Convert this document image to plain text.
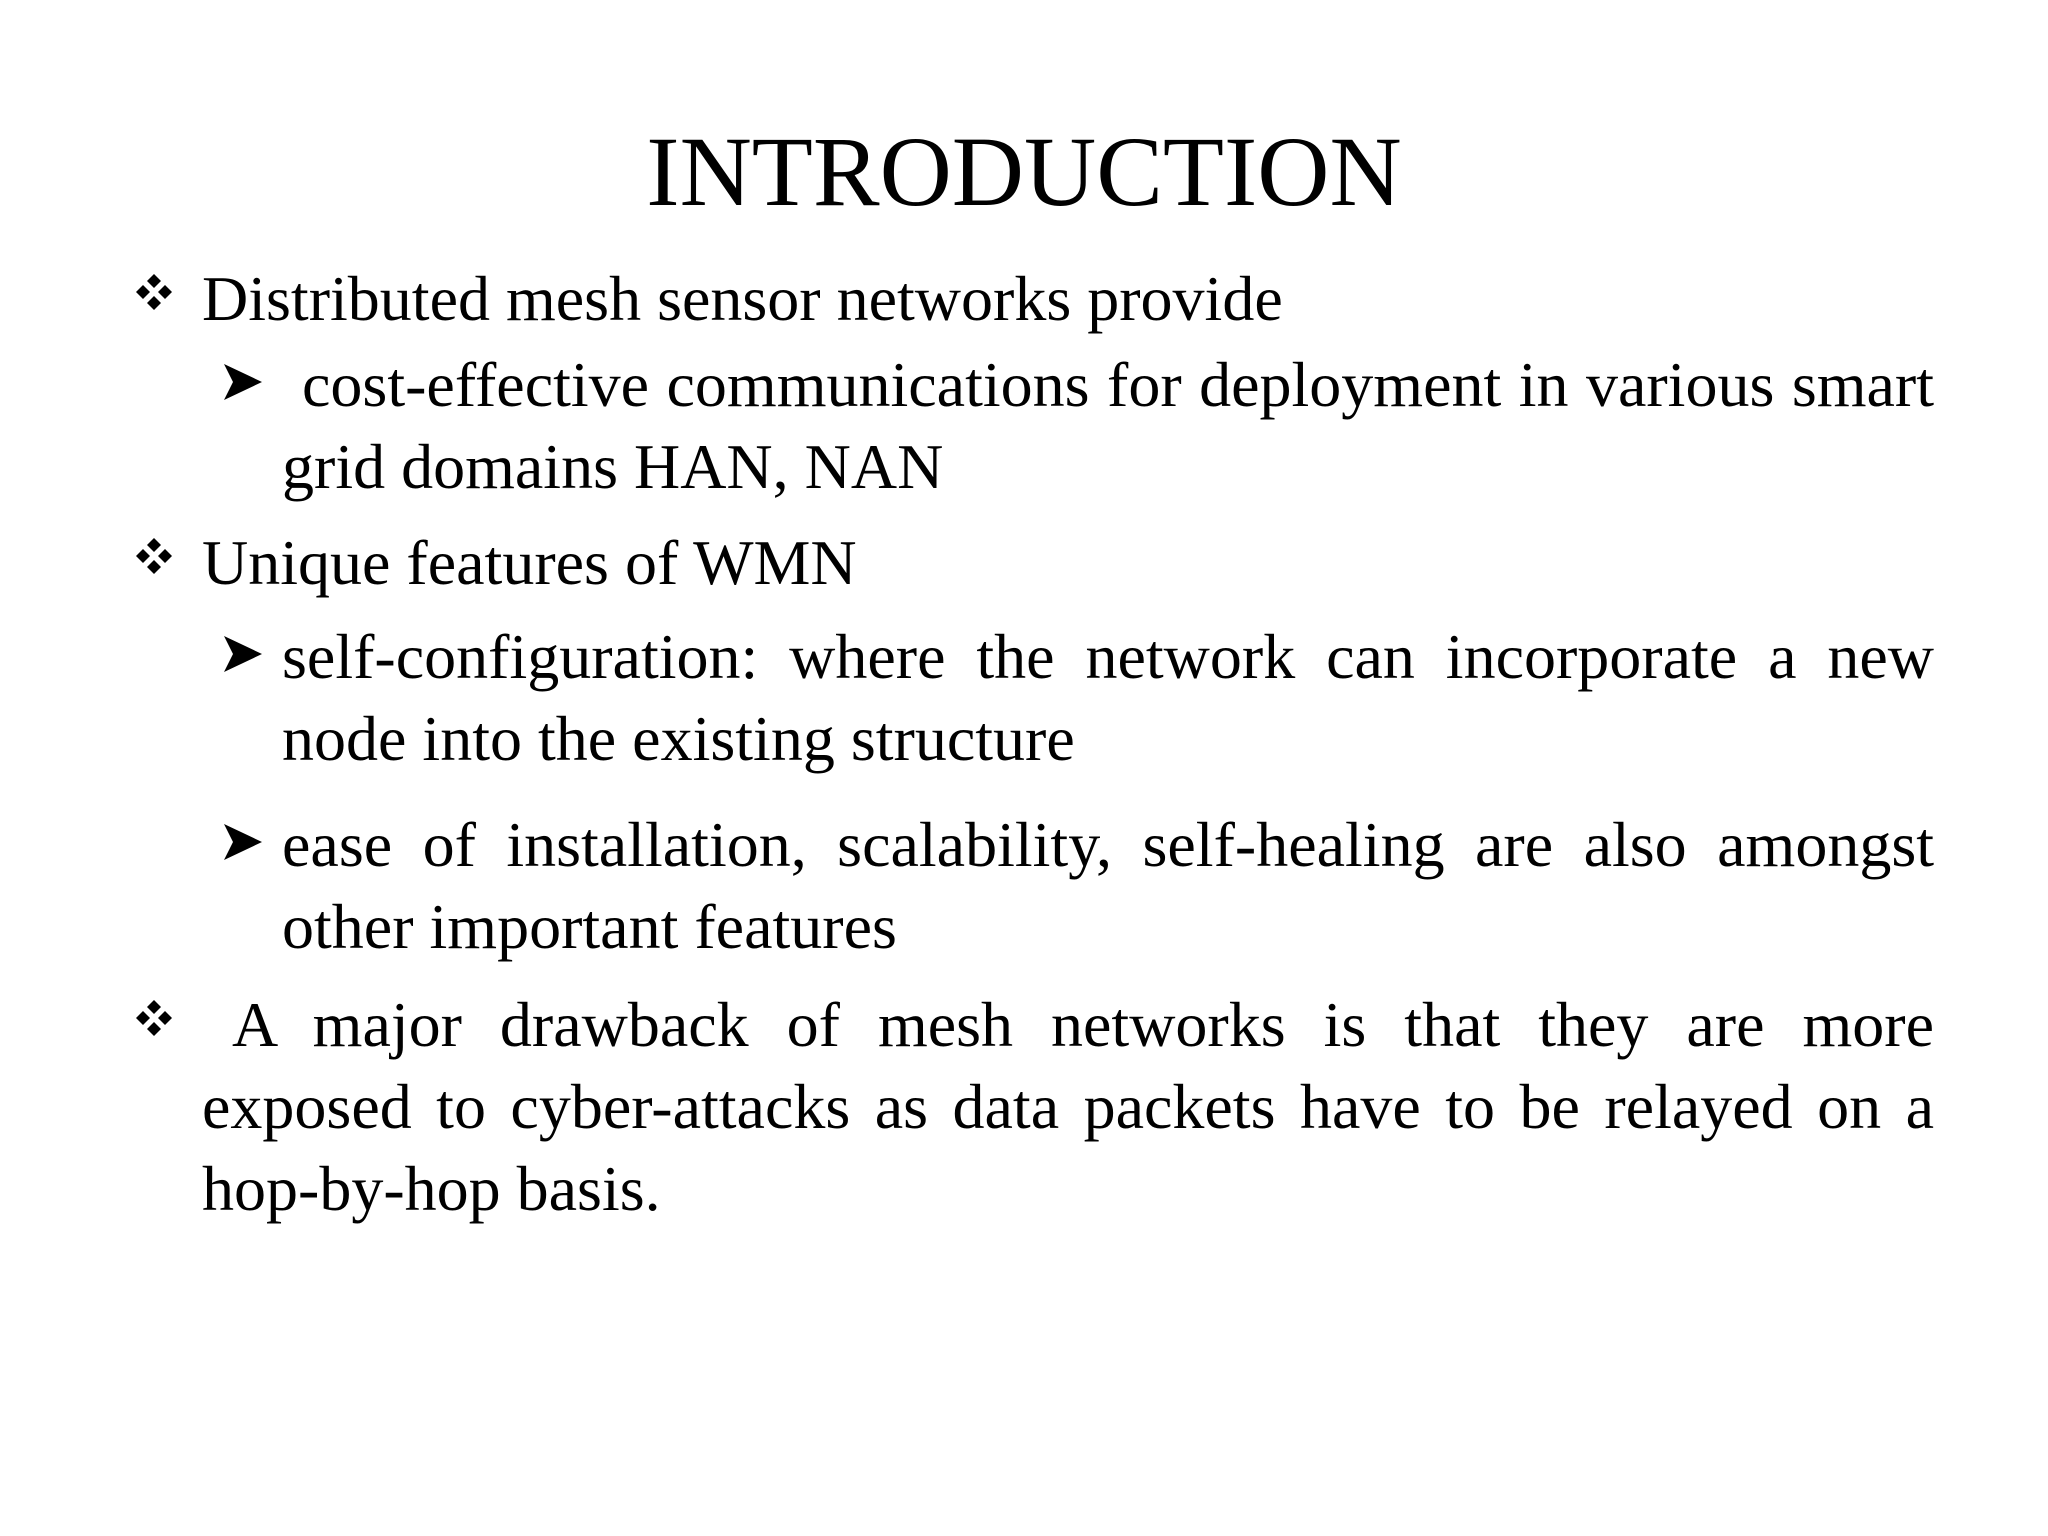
INTRODUCTION
Distributed mesh sensor networks provide
cost-effective communications for deployment in various smart grid domains HAN, NAN
Unique features of WMN
self-configuration: where the network can incorporate a new node into the existing structure
ease of installation, scalability, self-healing are also amongst other important features
A major drawback of mesh networks is that they are more exposed to cyber-attacks as data packets have to be relayed on a hop-by-hop basis.
